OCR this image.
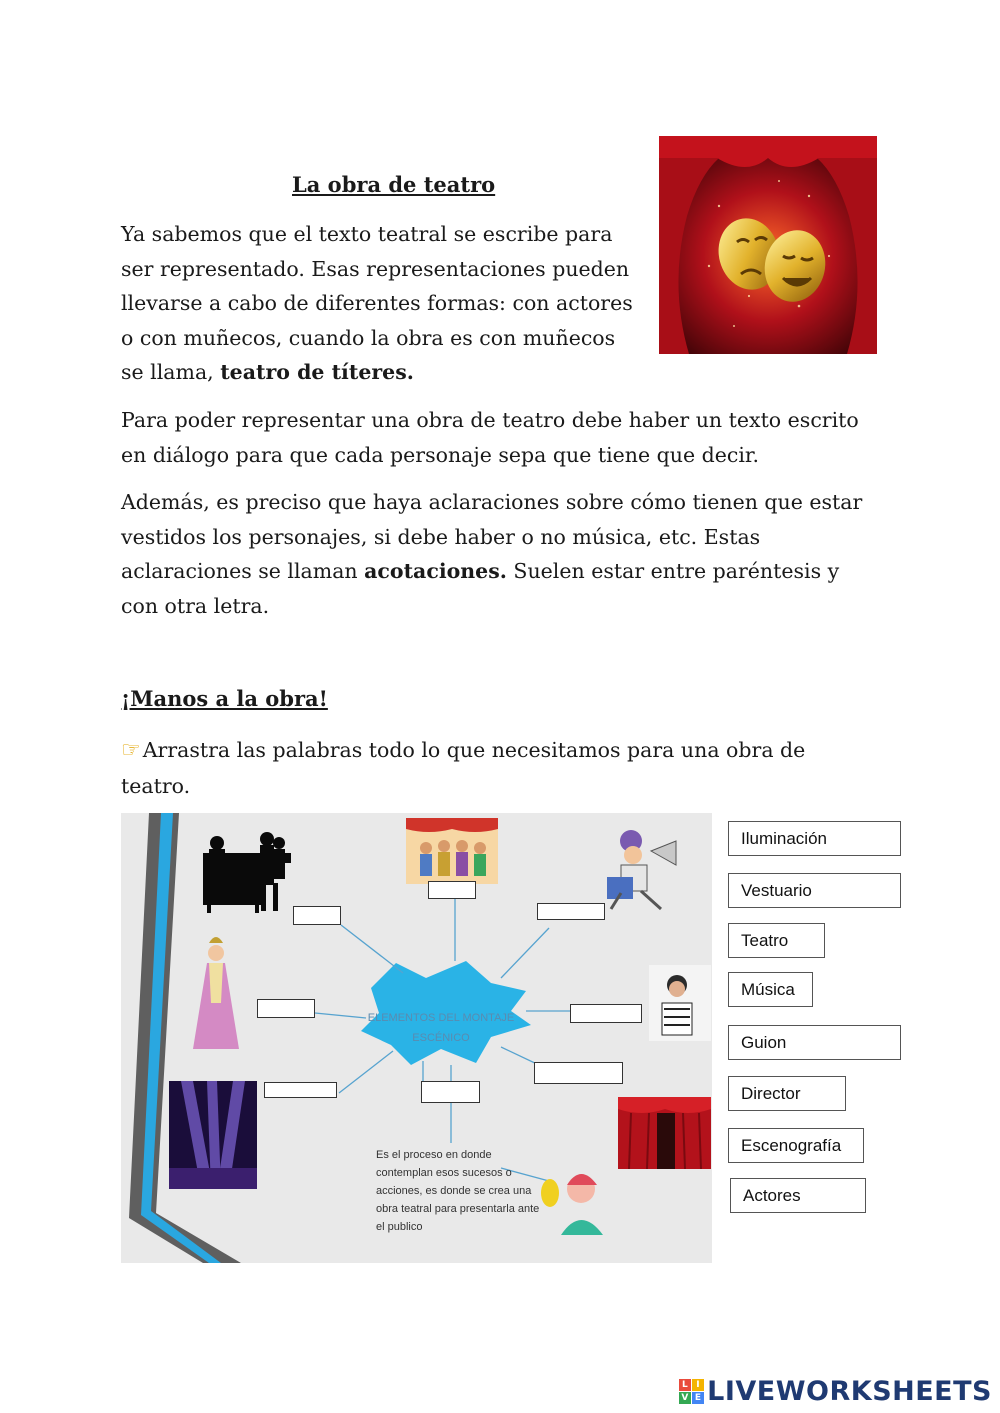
La obra de teatro
Ya sabemos que el texto teatral se escribe para ser representado. Esas representaciones pueden llevarse a cabo de diferentes formas: con actores o con muñecos, cuando la obra es con muñecos se llama, teatro de títeres.
Para poder representar una obra de teatro debe haber un texto escrito en diálogo para que cada personaje sepa que tiene que decir.
Además, es preciso que haya aclaraciones sobre cómo tienen que estar vestidos los personajes, si debe haber o no música, etc. Estas aclaraciones se llaman acotaciones. Suelen estar entre paréntesis y con otra letra.
¡Manos a la obra!
☞Arrastra las palabras todo lo que necesitamos para una obra de teatro.
ELEMENTOS DEL MONTAJE
ESCÉNICO
Es el proceso en donde contemplan esos sucesos o acciones, es donde se crea una obra teatral para presentarla ante el publico
Iluminación
Vestuario
Teatro
Música
Guion
Director
Escenografía
Actores
L I
V E LIVEWORKSHEETS
